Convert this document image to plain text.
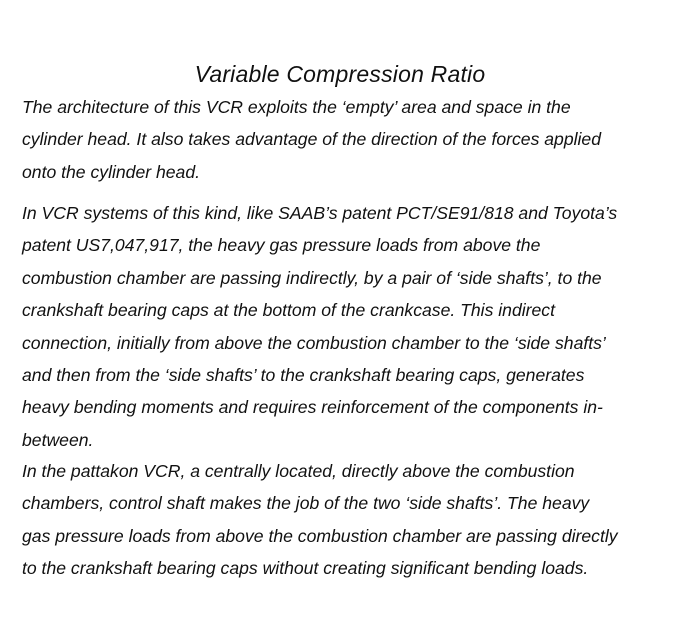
Variable Compression Ratio

The architecture of this VCR exploits the ‘empty’ area and space in the
cylinder head. It also takes advantage of the direction of the forces applied
onto the cylinder head.

In VCR systems of this kind, like SAAB’s patent PCT/SE91/818 and Toyota’s
patent US7,047,917, the heavy gas pressure loads from above the
combustion chamber are passing indirectly, by a pair of ‘side shafts’, to the
crankshaft bearing caps at the bottom of the crankcase. This indirect
connection, initially from above the combustion chamber to the ‘side shafts’
and then from the ‘side shafts’ to the crankshaft bearing caps, generates
heavy bending moments and requires reinforcement of the components in-
between.

In the pattakon VCR, a centrally located, directly above the combustion
chambers, control shaft makes the job of the two ‘side shafts’. The heavy
gas pressure loads from above the combustion chamber are passing directly
to the crankshaft bearing caps without creating significant bending loads.
